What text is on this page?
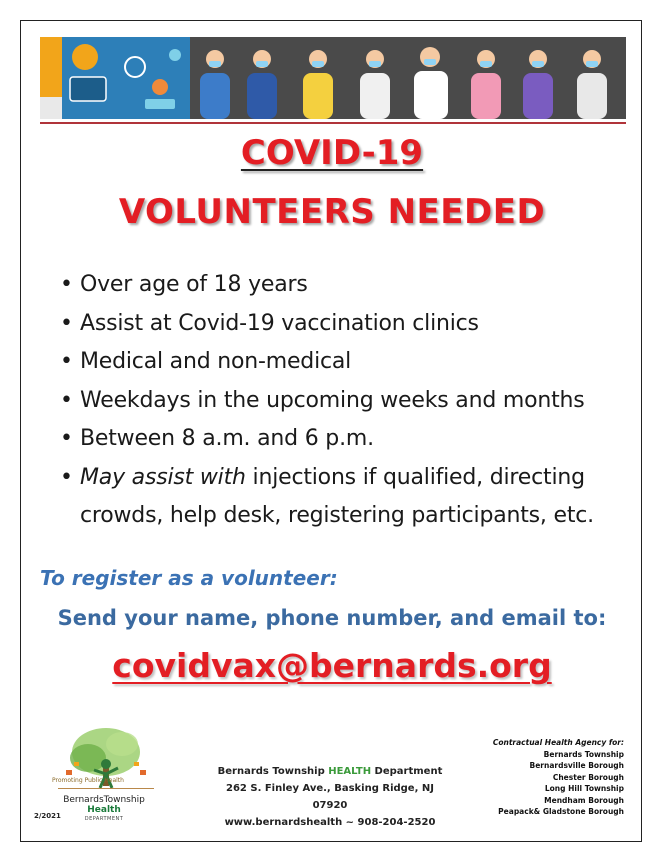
COVID-19
VOLUNTEERS NEEDED
• Over age of 18 years
• Assist at Covid-19 vaccination clinics
• Medical and non-medical
• Weekdays in the upcoming weeks and months
• Between 8 a.m. and 6 p.m.
• May assist with injections if qualified, directing
crowds, help desk, registering participants, etc.
To register as a volunteer:
Send your name, phone number, and email to:
covidvax@bernards.org
Promoting Public Health
BernardsTownship
Health
DEPARTMENT
2/2021
Bernards Township HEALTH Department
262 S. Finley Ave., Basking Ridge, NJ 07920
www.bernardshealth ~ 908-204-2520
Contractual Health Agency for:
Bernards Township
Bernardsville Borough
Chester Borough
Long Hill Township
Mendham Borough
Peapack& Gladstone Borough
